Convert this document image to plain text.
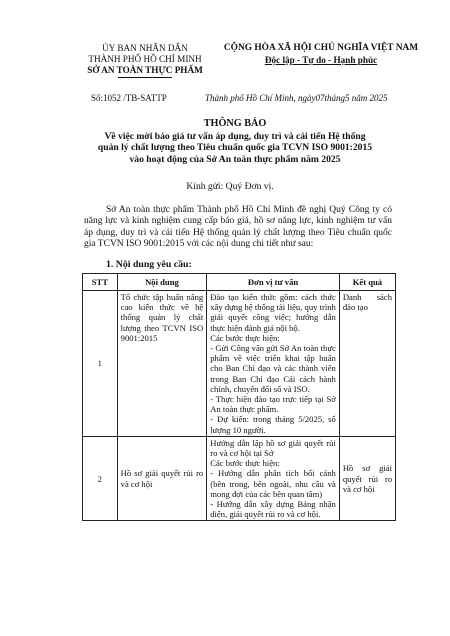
ỦY BAN NHÂN DÂN
THÀNH PHỐ HỒ CHÍ MINH
SỞ AN TOÀN THỰC PHẨM
CỘNG HÒA XÃ HỘI CHỦ NGHĨA VIỆT NAM
Độc lập - Tự do - Hạnh phúc
Số:1052 /TB-SATTP	Thành phố Hồ Chí Minh, ngày07tháng5 năm 2025
THÔNG BÁO
Về việc mời báo giá tư vấn áp dụng, duy trì và cải tiến Hệ thống
quản lý chất lượng theo Tiêu chuẩn quốc gia TCVN ISO 9001:2015
vào hoạt động của Sở An toàn thực phẩm năm 2025
Kính gửi: Quý Đơn vị.
Sở An toàn thực phẩm Thành phố Hồ Chí Minh đề nghị Quý Công ty có năng lực và kinh nghiệm cung cấp báo giá, hồ sơ năng lực, kinh nghiệm tư vấn áp dụng, duy trì và cải tiến Hệ thống quản lý chất lượng theo Tiêu chuẩn quốc gia TCVN ISO 9001:2015 với các nội dung chi tiết như sau:
1. Nội dung yêu cầu:
STT	Nội dung	Đơn vị tư vấn	Kết quả
1	Tổ chức tập huấn nâng cao kiến thức về hệ thống quản lý chất lượng theo TCVN ISO 9001:2015	Đào tạo kiến thức gồm: cách thức xây dựng hệ thống tài liệu, quy trình giải quyết công việc; hướng dẫn thực hiện đánh giá nội bộ.
Các bước thực hiện:
- Gửi Công văn gửi Sở An toàn thực phẩm về việc triển khai tập huấn cho Ban Chỉ đạo và các thành viên trong Ban Chỉ đạo Cải cách hành chính, chuyển đổi số và ISO.
- Thực hiện đào tạo trực tiếp tại Sở An toàn thực phẩm.
- Dự kiến: trong tháng 5/2025, số lượng 10 người.	Danh sách đào tạo
2	Hồ sơ giải quyết rủi ro và cơ hội	Hướng dẫn lập hồ sơ giải quyết rủi ro và cơ hội tại Sở
Các bước thực hiện:
- Hướng dẫn phân tích bối cảnh (bên trong, bên ngoài, nhu cầu và mong đợi của các bên quan tâm)
- Hướng dẫn xây dựng Bảng nhận diện, giải quyết rủi ro và cơ hội.	Hồ sơ giải quyết rủi ro và cơ hội
